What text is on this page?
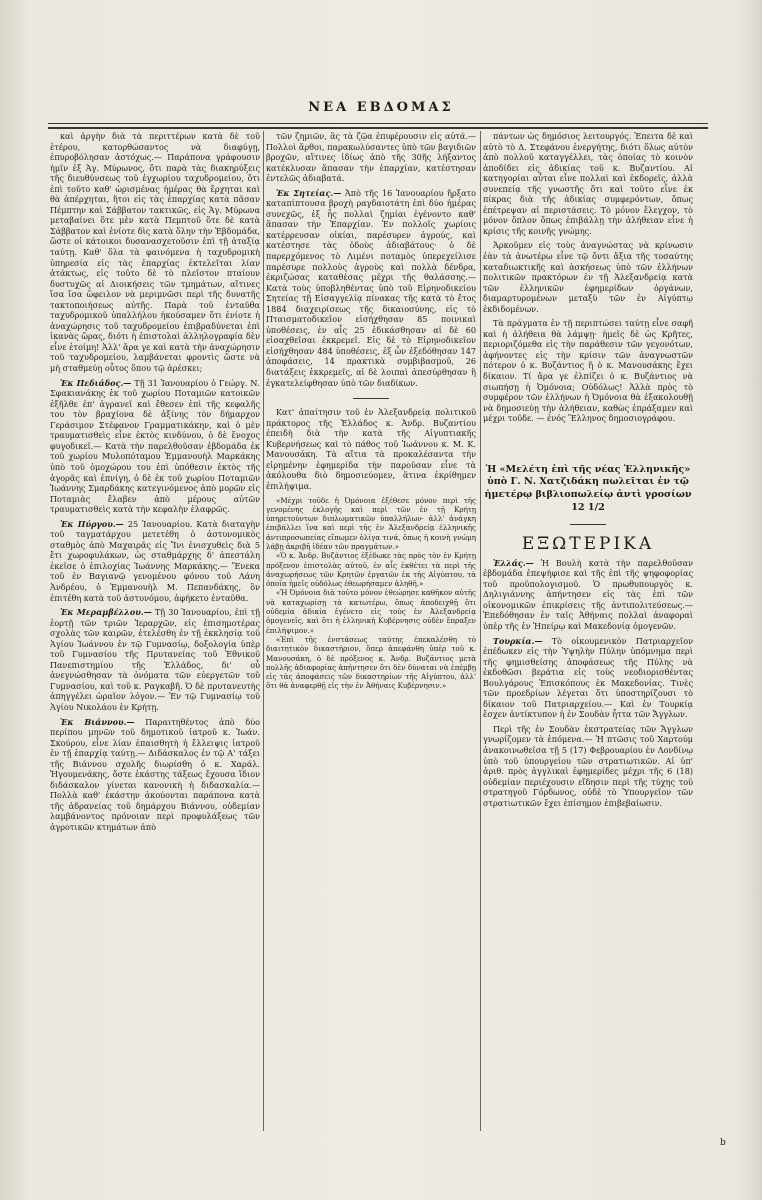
ΝΕΑ ΕΒΔΟΜΑΣ

καὶ ἀργὴν διὰ τὰ περιττέρων κατὰ δὲ τοῦ ἑτέρου, κατορθώσαντος νὰ διαφύγῃ, ἐπυροβόλησαν ἀστόχως.— Παράπονα γράφουσιν ἡμῖν ἐξ Ἁγ. Μύρωνος, ὅτι παρὰ τὰς διακηρύξεις τῆς διευθύνσεως τοῦ ἐγχωρίου ταχυδρομείου, ὅτι ἐπὶ τοῦτο καθ' ὡρισμένας ἡμέρας θὰ ἔρχηται καὶ θὰ ἀπέρχηται, ἥτοι εἰς τὰς ἐπαρχίας κατὰ πᾶσαν Πέμπτην καὶ Σάββατον τακτικῶς, εἰς Ἁγ. Μύρωνα μεταβαίνει ὅτε μὲν κατὰ Πεμπτοῦ ὅτε δὲ κατὰ Σάββατον καὶ ἐνίοτε δὶς κατὰ ὅλην τὴν Ἑβδομάδα, ὥστε οἱ κάτοικοι δυσανασχετοῦσιν ἐπὶ τῇ ἀταξίᾳ ταύτῃ. Καθ' ὅλα τὰ φαινόμενα ἡ ταχυδρομικὴ ὑπηρεσία εἰς τὰς ἐπαρχίας ἐκτελεῖται λίαν ἀτάκτως, εἰς τοῦτο δὲ τὸ πλεῖστον πταίουν δυστυχῶς αἱ Διοικήσεις τῶν τμημάτων, αἵτινες ἴσα ἴσα ὤφειλον νὰ μεριμνῶσι περὶ τῆς δυνατῆς τακτοποιήσεως αὐτῆς. Παρὰ τοῦ ἐνταῦθα ταχυδρομικοῦ ὑπαλλήλου ἠκούσαμεν ὅτι ἐνίοτε ἡ ἀναχώρησις τοῦ ταχυδρομείου ἐπιβραδύνεται ἐπὶ ἱκανὰς ὥρας, διότι ἡ ἐπιστολαὶ ἀλληλογραφία δὲν εἶνε ἑτοίμη! Ἀλλ' ἄρα γε καὶ κατὰ τὴν ἀναχώρησιν τοῦ ταχυδρομείου, λαμβάνεται φροντὶς ὥστε νὰ μὴ σταθμεύῃ οὗτος ὅπου τῷ ἀρέσκει;

Ἐκ Πεδιάδος.— Τῇ 31 Ἰανουαρίου ὁ Γεώργ. Ν. Σφακιανάκης ἐκ τοῦ χωρίου Ποταμιῶν κατοικῶν ἐξῆλθε ἐπ' ἀγρανεῖ καὶ ἔθεσεν ἐπὶ τῆς κεφαλῆς του τὸν βραχίονα δὲ ἀξίνης τὸν δήμαρχον Γεράσιμον Στέφανον Γραμματικάκην, καὶ ὁ μὲν τραυματισθεὶς εἶνε ἐκτὸς κινδύνου, ὁ δὲ ἔνοχος φυγοδικεῖ.— Κατὰ τὴν παρελθοῦσαν ἑβδομάδα ἐκ τοῦ χωρίου Μυλοπόταμου Ἐμμανουὴλ Μαρκάκης ὑπὸ τοῦ ὁμοχώρου του ἐπὶ ὑπόθεσιν ἐκτὸς τῆς ἀγορᾶς καὶ ἐπνίγη, ὁ δὲ ἐκ τοῦ χωρίου Ποταμιῶν Ἰωάννης Σμαρδάκης κατεγινόμενος ἀπὸ μορῶν εἰς Ποταμιὰς ἔλαβεν ἀπὸ μέρους αὐτῶν τραυματισθεὶς κατὰ τὴν κεφαλὴν ἐλαφρῶς.

Ἐκ Πύργου.— 25 Ἰανουαρίου. Κατὰ διαταγὴν τοῦ ταγματάρχου μετετέθη ὁ ἀστυνομικὸς σταθμὸς ἀπὸ Μαχαιρᾶς εἰς Ἴνι ἐνισχυθεὶς διὰ 5 ἔτι χωροφυλάκων, ὡς σταθμάρχης δ' ἀπεστάλη ἐκεῖσε ὁ ἐπιλοχίας Ἰωάννης Μαρκάκης.— Ἕνεκα τοῦ ἐν Βαγιανῷ γενομένου φόνου τοῦ Λάνη Ἀνδρέου, ὁ Ἐμμανουὴλ Μ. Πεπανδάκης, ὃν ἐπιτέθη κατὰ τοῦ ἀστυνόμου, ἀφήκετο ἐνταῦθα.

Ἐκ Μεραμβέλλου.— Τῇ 30 Ἰανουαρίου, ἐπὶ τῇ ἑορτῇ τῶν τριῶν Ἱεραρχῶν, εἰς ἐπισημοτέρας σχολὰς τῶν καιρῶν, ἐτελέσθη ἐν τῇ ἐκκλησίᾳ τοῦ Ἁγίου Ἰωάννου ἐν τῷ Γυμνασίῳ, δοξολογία ὑπὲρ τοῦ Γυμνασίου τῆς Πρυτανείας τοῦ Ἐθνικοῦ Πανεπιστημίου τῆς Ἑλλάδος, δι' οὗ ἀνεγνώσθησαν τὰ ὀνόματα τῶν εὐεργετῶν τοῦ Γυμνασίου, καὶ τοῦ κ. Ραγκαβῆ. Ὁ δὲ πρυτανευτὴς ἀπηγγέλει ὡραῖον λόγον.— Ἐν τῷ Γυμνασίῳ τοῦ Ἁγίου Νικολάου ἐν Κρήτῃ.

Ἐκ Βιάννου.— Παραιτηθέντος ἀπὸ δύο περίπου μηνῶν τοῦ δημοτικοῦ ἰατροῦ κ. Ἰωάν. Σκούρου, εἶνε λίαν ἐπαισθητὴ ἡ ἔλλειψις ἰατροῦ ἐν τῇ ἐπαρχίᾳ ταύτῃ.— Διδάσκαλος ἐν τῷ Α' τάξει τῆς Βιάννου σχολῆς διωρίσθη ὁ κ. Χαράλ. Ἡγουμενάκης, ὅστε ἑκάστης τάξεως ἔχουσα ἴδιον διδάσκαλον γίνεται κανονικὴ ἡ διδασκαλία.— Πολλὰ καθ' ἑκάστην ἀκούονται παράπονα κατὰ τῆς ἀδρανείας τοῦ δημάρχου Βιάννου, οὐδεμίαν λαμβάνοντος πρόνοιαν περὶ προφυλάξεως τῶν ἀγροτικῶν κτημάτων ἀπὸ

τῶν ζημιῶν, ἃς τὰ ζῷα ἐπιφέρουσιν εἰς αὐτά.— Πολλοὶ ἄρθοι, παρακωλύσαντες ὑπὸ τῶν βαγιδιῶν βροχῶν, αἵτινες ἰδίως ἀπὸ τῆς 30ῆς λήξαντος κατέκλυσαν ἅπασαν τὴν ἐπαρχίαν, κατέστησαν ἐντελῶς ἀδιαβατά.

Ἐκ Σητείας.— Ἀπὸ τῆς 16 Ἰανουαρίου ἤρξατο καταπίπτουσα βροχὴ ραγδαιοτάτη ἐπὶ δύο ἡμέρας συνεχῶς, ἐξ ἧς πολλαὶ ζημίαι ἐγένοντο καθ' ἅπασαν τὴν Ἐπαρχίαν. Ἐν πολλοῖς χωρίοις κατέρρευσαν οἰκίαι, παρέσυρεν ἀγρούς, καὶ κατέστησε τὰς ὁδοὺς ἀδιαβάτους· ὁ δὲ παρερχόμενος τὸ Λιμένι ποταμὸς ὑπερεχείλισε παρέσυρε πολλοὺς ἀγροὺς καὶ πολλὰ δένδρα, ἐκριζώσας καταθέσας μέχρι τῆς θαλάσσης.— Κατὰ τοὺς ὑποβληθέντας ὑπὸ τοῦ Εἰρηνοδικείου Σητείας τῇ Εἰσαγγελίᾳ πίνακας τῆς κατὰ τὸ ἔτος 1884 διαχειρίσεως τῆς δικαιοσύνης, εἰς τὸ Πταισματοδικεῖον εἰσήχθησαν 85 ποινικαὶ ὑποθέσεις, ἐν αἷς 25 ἐδικάσθησαν αἱ δὲ 60 εἰσαχθεῖσαι ἐκκρεμεῖ. Εἰς δὲ τὸ Εἰρηνοδικεῖον εἰσήχθησαν 484 ὑποθέσεις, ἐξ ὧν ἐξεδόθησαν 147 ἀποφάσεις, 14 πρακτικὰ συμβιβασμοῦ, 26 διατάξεις ἐκκρεμεῖς, αἱ δὲ λοιπαὶ ἀπεσύρθησαν ἢ ἐγκατελείφθησαν ὑπὸ τῶν διαδίκων.

Κατ' ἀπαίτησιν τοῦ ἐν Ἀλεξανδρείᾳ πολιτικοῦ πράκτορος τῆς Ἑλλάδος κ. Ἀνδρ. Βυζαντίου ἐπειδὴ διὰ τὴν κατὰ τῆς Αἰγυπτιακῆς Κυβερνήσεως καὶ τὸ πάθος τοῦ Ἰωάννου κ. Μ. Κ. Μανουσάκη. Τὰ αἴτια τὰ προκαλέσαντα τὴν εἰρημένην ἐφημερίδα τὴν παροῦσαν εἶνε τὰ ἀκόλουθα διὸ δημοσιεύομεν, ἅτινα ἐκρίθημεν ἐπιλήψιμα.

«Μέχρι τοῦδε ἡ Ὀμόνοια ἐξέθεσε μόνον περὶ τῆς γενομένης ἐκλογῆς καὶ περὶ τῶν ἐν τῇ Κρήτῃ ὑπηρετούντων διπλωματικῶν ὑπαλλήλων· ἀλλ' ἀνάγκη ἐπιβάλλει ἵνα καὶ περὶ τῆς ἐν Ἀλεξανδρείᾳ ἐλληνικῆς ἀντιπροσωπείας εἴπωμεν ὀλίγα τινά, ὅπως ἡ κοινὴ γνώμη λάβῃ ἀκριβῆ ἰδέαν τῶν πραγμάτων.»

«Ὁ κ. Ἀνδρ. Βυζάντιος ἐξέδωκε τὰς πρὸς τὸν ἐν Κρήτῃ πρόξενον ἐπιστολὰς αὐτοῦ, ἐν αἷς ἐκθέτει τὰ περὶ τῆς ἀναχωρήσεως τῶν Κρητῶν ἐργατῶν ἐκ τῆς Αἰγύπτου, τὰ ὁποῖα ἡμεῖς οὐδόλως ἐθεωρήσαμεν ἀληθῆ.»

«Ἡ Ὀμόνοια διὰ τοῦτο μόνον ἐθεώρησε καθῆκον αὐτῆς νὰ καταχωρίσῃ τὰ κατωτέρω, ὅπως ἀποδειχθῇ ὅτι οὐδεμία ἀδικία ἐγένετο εἰς τοὺς ἐν Ἀλεξανδρείᾳ ὁμογενεῖς, καὶ ὅτι ἡ ἐλληνικὴ Κυβέρνησις οὐδὲν ἔπραξεν ἐπιλήψιμον.»

«Ἐπὶ τῆς ἐνστάσεως ταύτης ἐπεκαλέσθη τὸ διαιτητικὸν δικαστήριον, ὅπερ ἀπεφάνθη ὑπὲρ τοῦ κ. Μανουσάκη, ὁ δὲ πρόξενος κ. Ἀνδρ. Βυζάντιος μετὰ πολλῆς ἀδιαφορίας ἀπήντησεν ὅτι δὲν δύναται νὰ ἐπέμβῃ εἰς τὰς ἀποφάσεις τῶν δικαστηρίων τῆς Αἰγύπτου, ἀλλ' ὅτι θὰ ἀναφερθῇ εἰς τὴν ἐν Ἀθήναις Κυβέρνησιν.»

πάντων ὡς δημόσιος λειτουργός. Ἐπειτα δὲ καὶ αὐτὸ τὸ Δ. Στεφάνου ἐνεργήτης, διότι ὅλως αὐτὸν ἀπὸ πολλοῦ καταγγέλλει, τὰς ὁποίας τὸ κοινὸν ἀποδίδει εἰς ἀδικίας τοῦ κ. Βυζαντίου. Αἱ κατηγορίαι αὗται εἶνε πολλαὶ καὶ ἐκδορεῖς, ἀλλὰ συνεπείᾳ τῆς γνωστῆς ὅτι καὶ τοῦτο εἶνε ἐκ πίκρας διὰ τῆς ἀδικίας συμφερόντων, ὅπως ἐπέτρεψαν αἱ περιστάσεις. Τὸ μόνον ἔλεγχον, τὸ μόνον ὅπλον ὅπως ἐπιβάλλῃ τὴν ἀλήθειαν εἶνε ἡ κρίσις τῆς κοινῆς γνώμης.

Ἀρκοῦμεν εἰς τοὺς ἀναγνώστας νὰ κρίνωσιν ἐὰν τὰ ἀνωτέρω εἶνε τῷ ὄντι ἄξια τῆς τοσαύτης καταδιωκτικῆς καὶ ἀσκήσεως ὑπὸ τῶν ἐλλήνων πολιτικῶν πρακτόρων ἐν τῇ Ἀλεξανδρείᾳ κατὰ τῶν ἐλληνικῶν ἐφημερίδων ὀργάνων, διαμαρτυρομένων μεταξὺ τῶν ἐν Αἰγύπτῳ ἐκδιδομένων.

Τὰ πράγματα ἐν τῇ περιπτώσει ταύτῃ εἶνε σαφῆ καὶ ἡ ἀλήθεια θὰ λάμψῃ· ἡμεῖς δὲ ὡς Κρῆτες, περιοριζόμεθα εἰς τὴν παράθεσιν τῶν γεγονότων, ἀφήνοντες εἰς τὴν κρίσιν τῶν ἀναγνωστῶν πότερον ὁ κ. Βυζάντιος ἢ ὁ κ. Μανουσάκης ἔχει δίκαιον. Τί ἄρα γε ἐλπίζει ὁ κ. Βυζάντιος νὰ σιωπήσῃ ἡ Ὀμόνοια; Οὐδόλως! Ἀλλὰ πρὸς τὸ συμφέρον τῶν ἐλλήνων ἡ Ὀμόνοια θὰ ἐξακολουθῇ νὰ δημοσιεύῃ τὴν ἀλήθειαν, καθὼς ἐπράξαμεν καὶ μέχρι τοῦδε. — ἐνός Ἕλληνος δημοσιογράφου.

Ἡ «Μελέτη ἐπὶ τῆς νέας Ἑλληνικῆς» ὑπὸ Γ. Ν. Χατζιδάκη πωλεῖται ἐν τῷ ἡμετέρῳ βιβλιοπωλείῳ ἀντὶ γροσίων 12 1/2

ΕΞΩΤΕΡΙΚΑ

Ἑλλάς.— Ἡ Βουλὴ κατὰ τὴν παρελθοῦσαν ἑβδομάδα ἐπεψήφισε καὶ τῆς ἐπὶ τῆς ψηφοφορίας τοῦ προϋπολογισμοῦ. Ὁ πρωθυπουργὸς κ. Δηλιγιάννης ἀπήντησεν εἰς τὰς ἐπὶ τῶν οἰκονομικῶν ἐπικρίσεις τῆς ἀντιπολιτεύσεως.— Ἐπεδόθησαν ἐν ταῖς Ἀθήναις πολλαὶ ἀναφοραὶ ὑπὲρ τῆς ἐν Ἡπείρῳ καὶ Μακεδονίᾳ ὁμογενῶν.

Τουρκία.— Τὸ οἰκουμενικὸν Πατριαρχεῖον ἐπέδωκεν εἰς τὴν Ὑψηλὴν Πύλην ὑπόμνημα περὶ τῆς φημισθείσης ἀποφάσεως τῆς Πύλης νὰ ἐκδοθῶσι βεράτια εἰς τοὺς νεοδιορισθέντας Βουλγάρους Ἐπισκόπους ἐκ Μακεδονίας. Τινὲς τῶν προεδρίων λέγεται ὅτι ὑποστηρίζουσι τὸ δίκαιον τοῦ Πατριαρχείου.— Καὶ ἐν Τουρκίᾳ ἔσχεν ἀντίκτυπον ἡ ἐν Σουδὰν ἧττα τῶν Ἄγγλων.

Περὶ τῆς ἐν Σουδὰν ἐκστρατείας τῶν Ἄγγλων γνωρίζομεν τὰ ἑπόμενα.— Ἡ πτῶσις τοῦ Χαρτούμ ἀνακοινωθεῖσα τῇ 5 (17) Φεβρουαρίου ἐν Λονδίνῳ ὑπὸ τοῦ ὑπουργείου τῶν στρατιωτικῶν. Αἱ ὑπ' ἀριθ. πρὸς ἀγγλικαὶ ἐφημερίδες μέχρι τῆς 6 (18) οὐδεμίαν περιέχουσιν εἴδησιν περὶ τῆς τύχης τοῦ στρατηγοῦ Γόρδωνος, οὐδὲ τὸ Ὑπουργεῖον τῶν στρατιωτικῶν ἔχει ἐπίσημον ἐπιβεβαίωσιν.

b
